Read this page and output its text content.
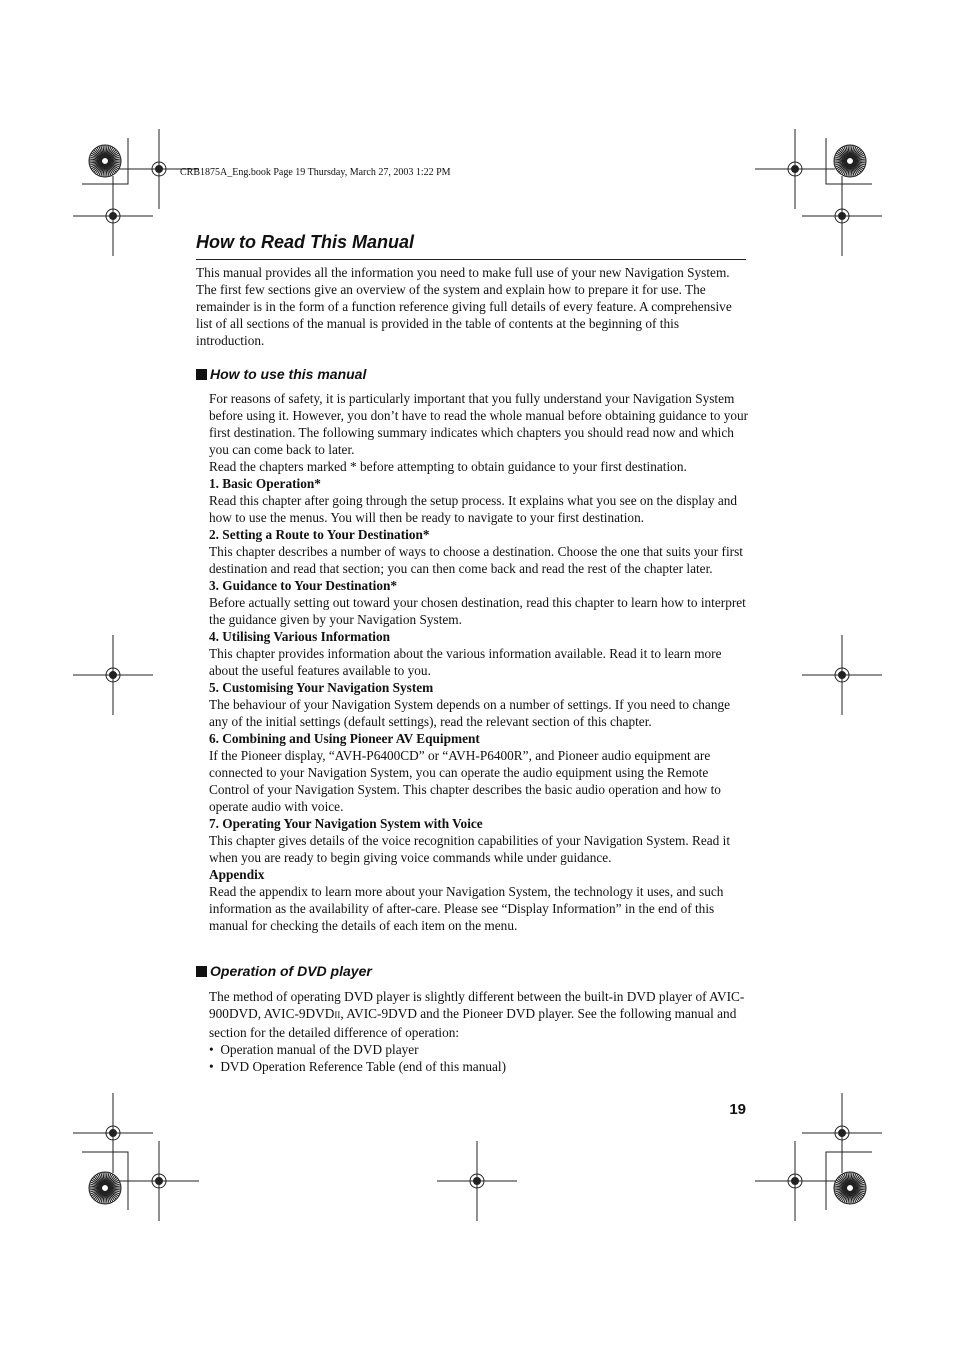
CRB1875A_Eng.book Page 19 Thursday, March 27, 2003 1:22 PM
How to Read This Manual

This manual provides all the information you need to make full use of your new Navigation System. The first few sections give an overview of the system and explain how to prepare it for use. The remainder is in the form of a function reference giving full details of every feature. A comprehensive list of all sections of the manual is provided in the table of contents at the beginning of this introduction.

How to use this manual
For reasons of safety, it is particularly important that you fully understand your Navigation System before using it. However, you don’t have to read the whole manual before obtaining guidance to your first destination. The following summary indicates which chapters you should read now and which you can come back to later.
Read the chapters marked * before attempting to obtain guidance to your first destination.
1. Basic Operation*
Read this chapter after going through the setup process. It explains what you see on the display and how to use the menus. You will then be ready to navigate to your first destination.
2. Setting a Route to Your Destination*
This chapter describes a number of ways to choose a destination. Choose the one that suits your first destination and read that section; you can then come back and read the rest of the chapter later.
3. Guidance to Your Destination*
Before actually setting out toward your chosen destination, read this chapter to learn how to interpret the guidance given by your Navigation System.
4. Utilising Various Information
This chapter provides information about the various information available. Read it to learn more about the useful features available to you.
5. Customising Your Navigation System
The behaviour of your Navigation System depends on a number of settings. If you need to change any of the initial settings (default settings), read the relevant section of this chapter.
6. Combining and Using Pioneer AV Equipment
If the Pioneer display, “AVH-P6400CD” or “AVH-P6400R”, and Pioneer audio equipment are connected to your Navigation System, you can operate the audio equipment using the Remote Control of your Navigation System. This chapter describes the basic audio operation and how to operate audio with voice.
7. Operating Your Navigation System with Voice
This chapter gives details of the voice recognition capabilities of your Navigation System. Read it when you are ready to begin giving voice commands while under guidance.
Appendix
Read the appendix to learn more about your Navigation System, the technology it uses, and such information as the availability of after-care. Please see “Display Information” in the end of this manual for checking the details of each item on the menu.
Operation of DVD player
The method of operating DVD player is slightly different between the built-in DVD player of AVIC-900DVD, AVIC-9DVDII, AVIC-9DVD and the Pioneer DVD player. See the following manual and section for the detailed difference of operation:
•  Operation manual of the DVD player
•  DVD Operation Reference Table (end of this manual)
19
